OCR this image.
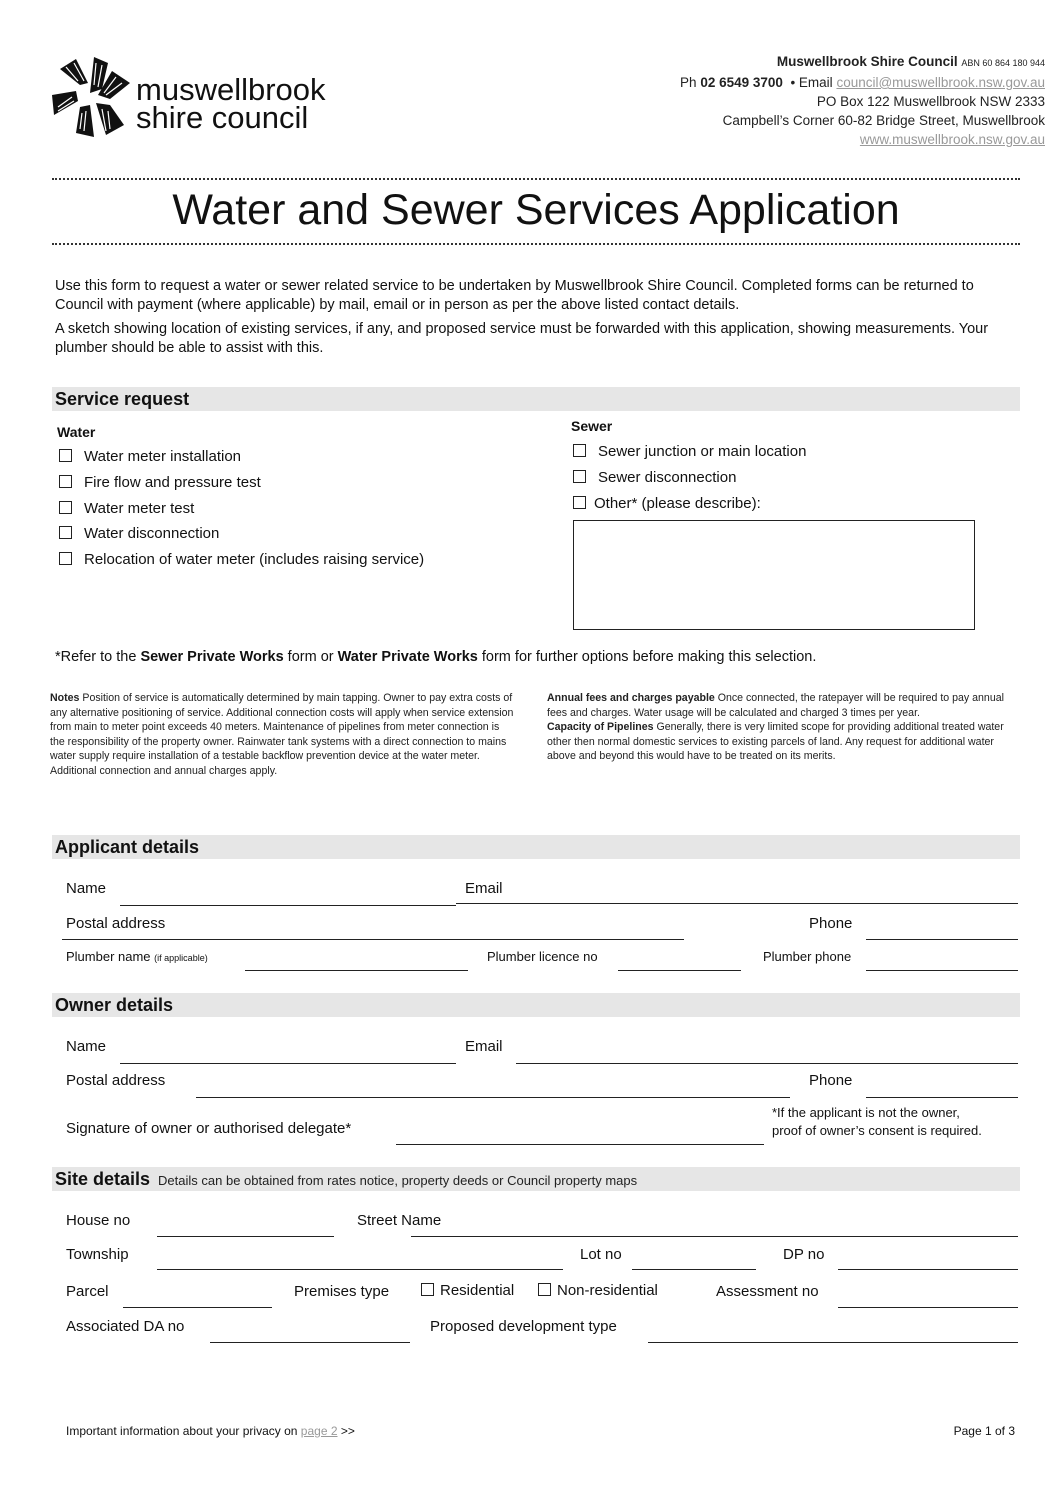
muswellbrook
shire council
Muswellbrook Shire Council ABN 60 864 180 944
Ph 02 6549 3700 • Email council@muswellbrook.nsw.gov.au
PO Box 122 Muswellbrook NSW 2333
Campbell’s Corner 60-82 Bridge Street, Muswellbrook
www.muswellbrook.nsw.gov.au
Water and Sewer Services Application
Use this form to request a water or sewer related service to be undertaken by Muswellbrook Shire Council. Completed forms can be returned to Council with payment (where applicable) by mail, email or in person as per the above listed contact details.
A sketch showing location of existing services, if any, and proposed service must be forwarded with this application, showing measurements. Your plumber should be able to assist with this.
Service request
Water
Water meter installation
Fire flow and pressure test
Water meter test
Water disconnection
Relocation of water meter (includes raising service)
Sewer
Sewer junction or main location
Sewer disconnection
Other* (please describe):
*Refer to the Sewer Private Works form or Water Private Works form for further options before making this selection.
Notes Position of service is automatically determined by main tapping. Owner to pay extra costs of any alternative positioning of service. Additional connection costs will apply when service extension from main to meter point exceeds 40 meters. Maintenance of pipelines from meter connection is the responsibility of the property owner. Rainwater tank systems with a direct connection to mains water supply require installation of a testable backflow prevention device at the water meter. Additional connection and annual charges apply.
Annual fees and charges payable Once connected, the ratepayer will be required to pay annual fees and charges. Water usage will be calculated and charged 3 times per year.
Capacity of Pipelines Generally, there is very limited scope for providing additional treated water other then normal domestic services to existing parcels of land. Any request for additional water above and beyond this would have to be treated on its merits.
Applicant details
Name	Email
Postal address	Phone
Plumber name (if applicable)	Plumber licence no	Plumber phone
Owner details
Name	Email
Postal address	Phone
Signature of owner or authorised delegate*
*If the applicant is not the owner,
proof of owner’s consent is required.
Site details Details can be obtained from rates notice, property deeds or Council property maps
House no	Street Name
Township	Lot no	DP no
Parcel	Premises type	Residential	Non-residential	Assessment no
Associated DA no	Proposed development type
Important information about your privacy on page 2 >>	Page 1 of 3
